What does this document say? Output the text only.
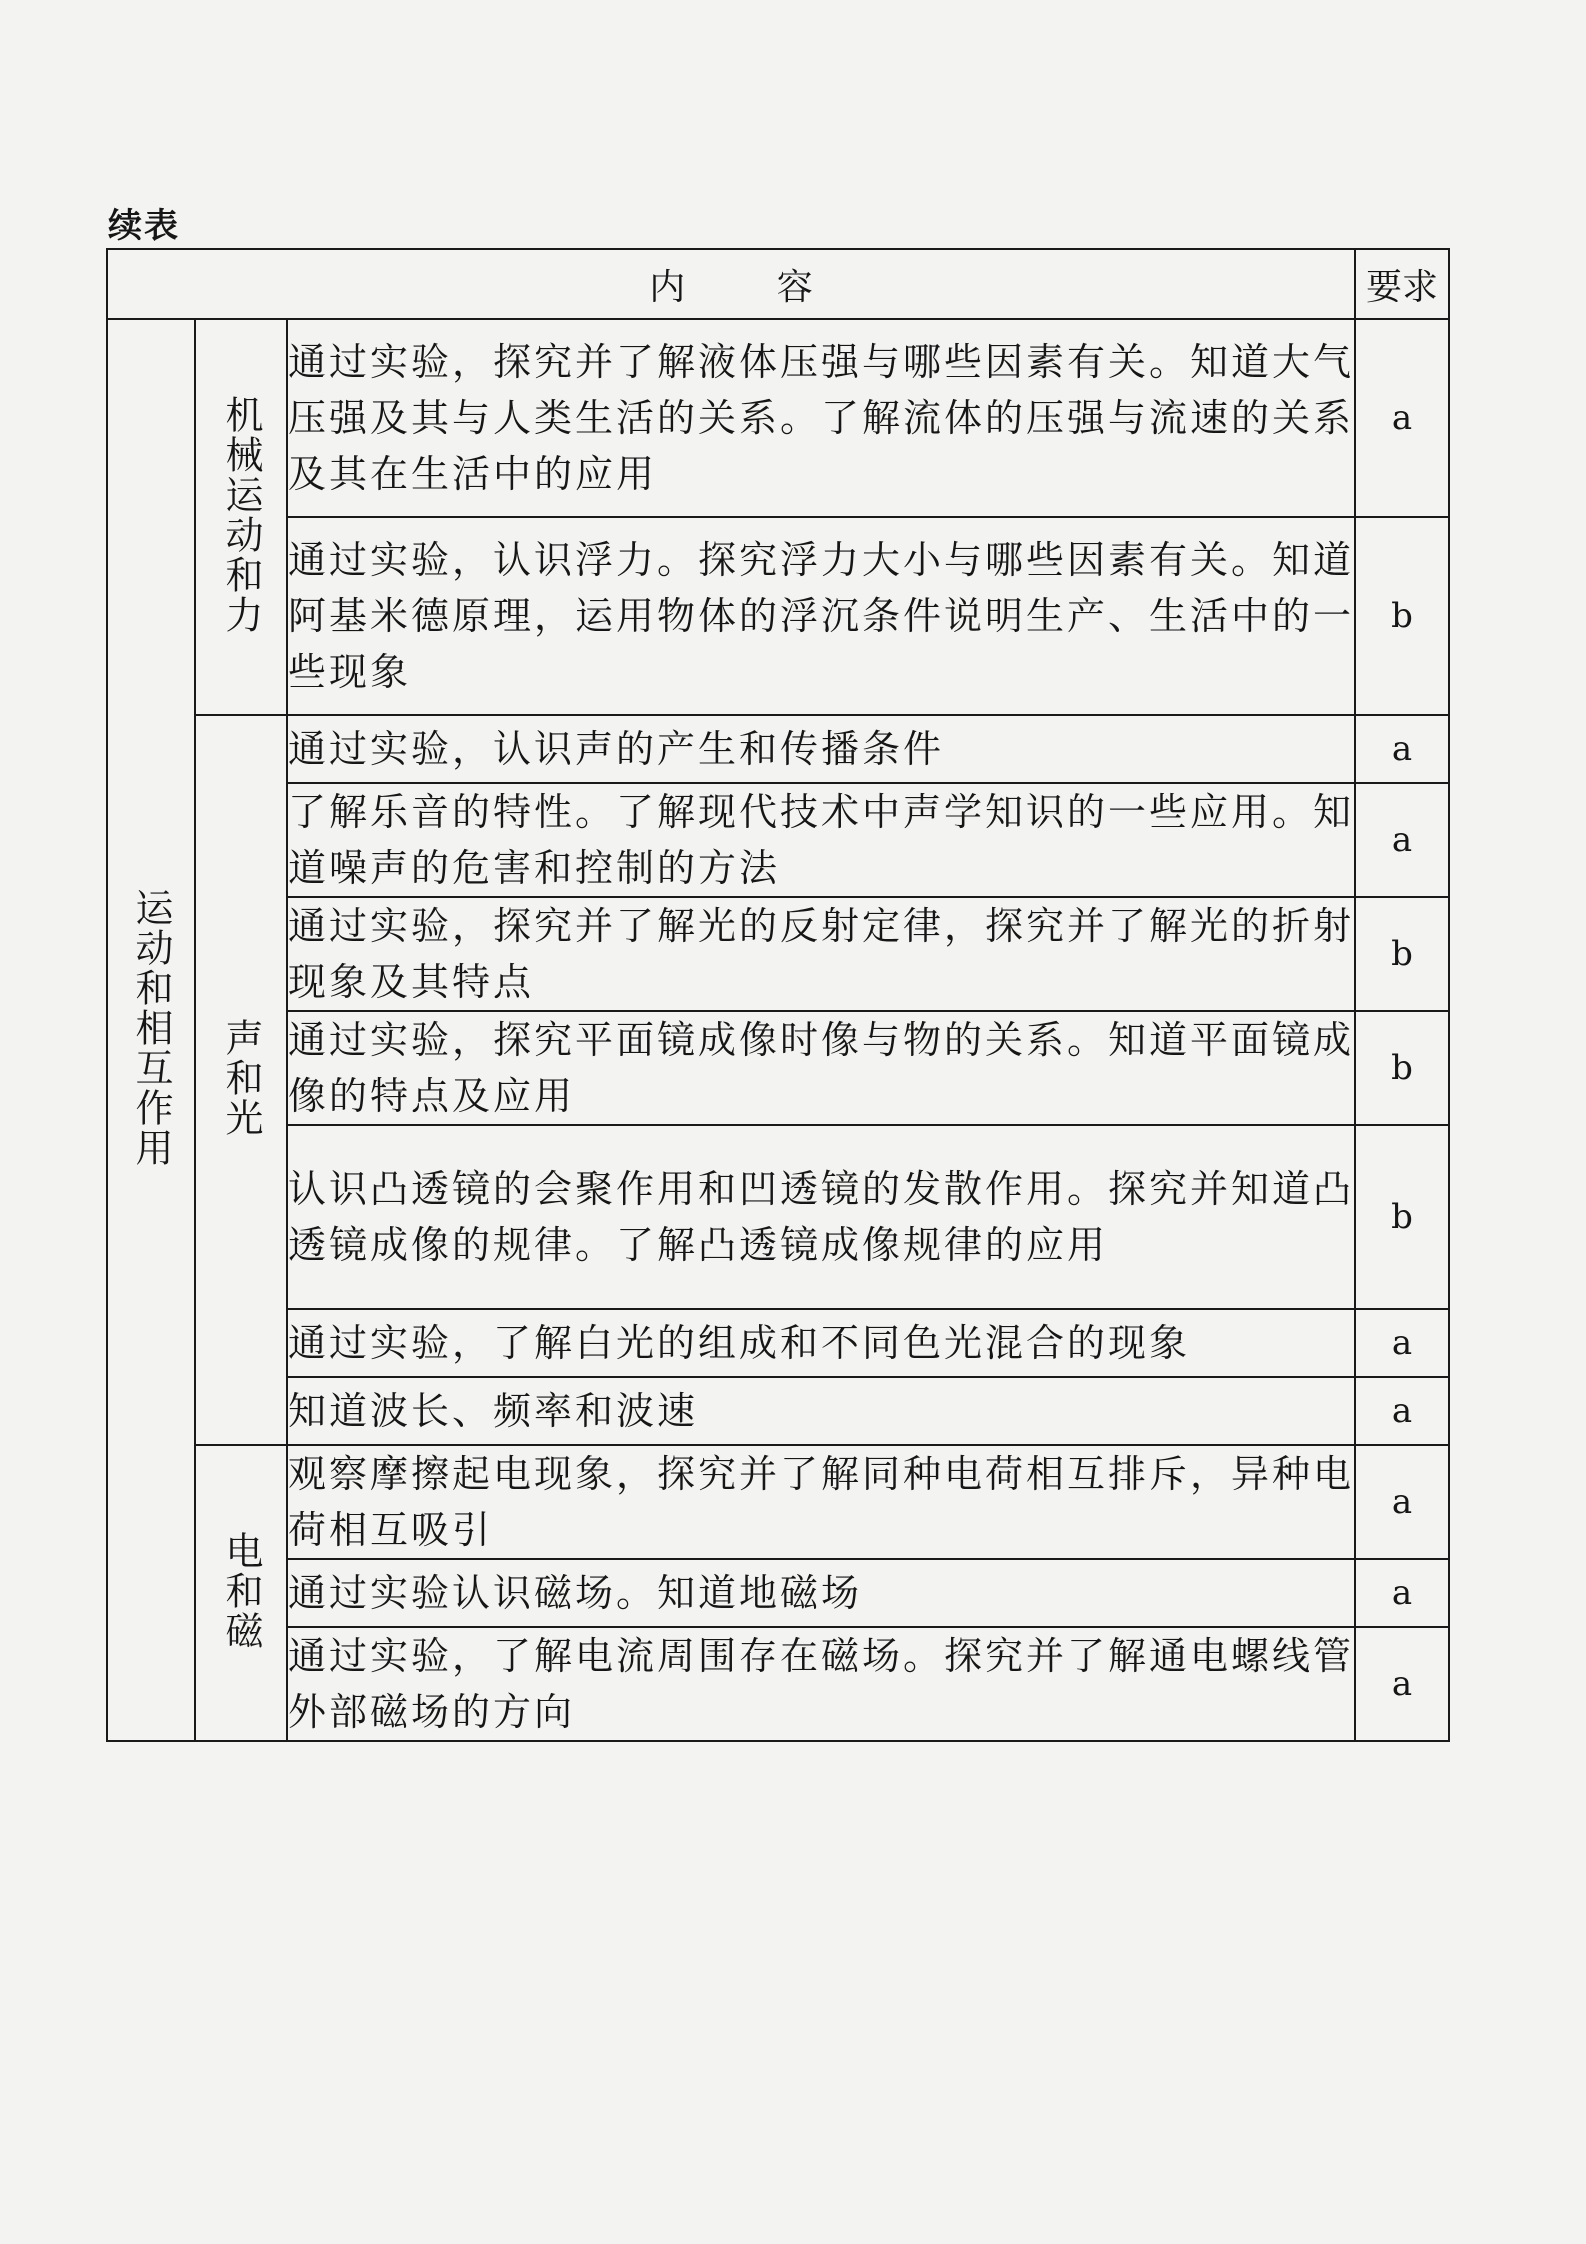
续表
内 容			要求
运动和相互作用	机械运动和力	通过实验，探究并了解液体压强与哪些因素有关。知道大气压强及其与人类生活的关系。了解流体的压强与流速的关系及其在生活中的应用	a
		通过实验，认识浮力。探究浮力大小与哪些因素有关。知道阿基米德原理，运用物体的浮沉条件说明生产、生活中的一些现象	b
	声和光	通过实验，认识声的产生和传播条件	a
		了解乐音的特性。了解现代技术中声学知识的一些应用。知道噪声的危害和控制的方法	a
		通过实验，探究并了解光的反射定律，探究并了解光的折射现象及其特点	b
		通过实验，探究平面镜成像时像与物的关系。知道平面镜成像的特点及应用	b
		认识凸透镜的会聚作用和凹透镜的发散作用。探究并知道凸透镜成像的规律。了解凸透镜成像规律的应用	b
		通过实验，了解白光的组成和不同色光混合的现象	a
		知道波长、频率和波速	a
	电和磁	观察摩擦起电现象，探究并了解同种电荷相互排斥，异种电荷相互吸引	a
		通过实验认识磁场。知道地磁场	a
		通过实验，了解电流周围存在磁场。探究并了解通电螺线管外部磁场的方向	a
